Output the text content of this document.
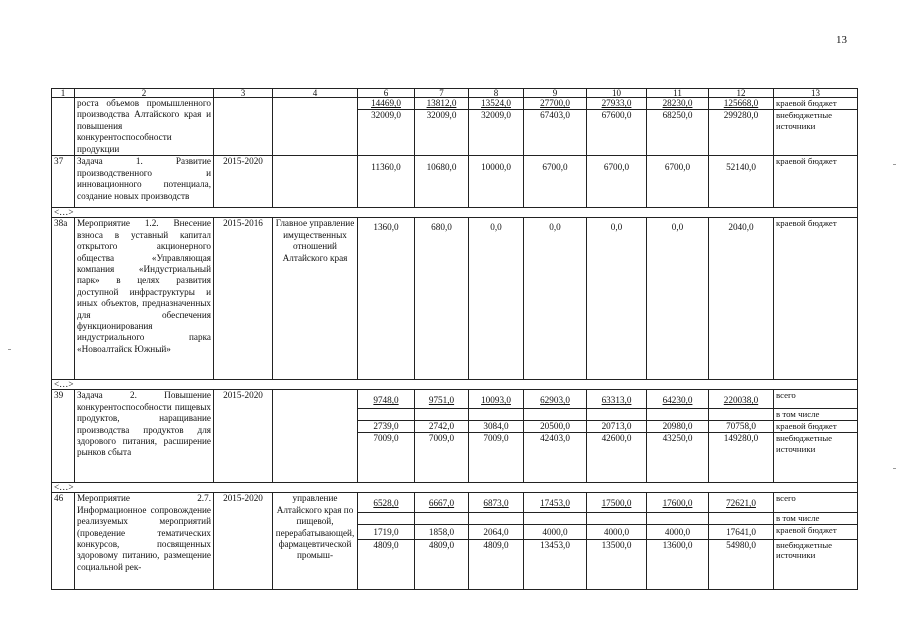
13
1	2	3	4	6	7	8	9	10	11	12	13
	роста объемов промышленного производства Алтайского края и повышения конкурентоспособности продукции			14469,0	13812,0	13524,0	27700,0	27933,0	28230,0	125668,0	краевой бюджет
				32009,0	32009,0	32009,0	67403,0	67600,0	68250,0	299280,0	внебюджетные источники
37	Задача 1. Развитие производственного и инновационного потенциала, создание новых производств	2015-2020		11360,0	10680,0	10000,0	6700,0	6700,0	6700,0	52140,0	краевой бюджет
<…>											
38а	Мероприятие 1.2. Внесение взноса в уставный капитал открытого акционерного общества «Управляющая компания «Индустриальный парк» в целях развития доступной инфраструктуры и иных объектов, предназначенных для обеспечения функционирования индустриального парка «Новоалтайск Южный»	2015-2016	Главное управление имущественных отношений Алтайского края	1360,0	680,0	0,0	0,0	0,0	0,0	2040,0	краевой бюджет
<…>											
39	Задача 2. Повышение конкурентоспособности пищевых продуктов, наращивание производства продуктов для здорового питания, расширение рынков сбыта	2015-2020		9748,0	9751,0	10093,0	62903,0	63313,0	64230,0	220038,0	всего
											в том числе
				2739,0	2742,0	3084,0	20500,0	20713,0	20980,0	70758,0	краевой бюджет
				7009,0	7009,0	7009,0	42403,0	42600,0	43250,0	149280,0	внебюджетные источники
<…>											
46	Мероприятие 2.7. Информационное сопровождение реализуемых мероприятий (проведение тематических конкурсов, посвященных здоровому питанию, размещение социальной рек-	2015-2020	управление Алтайского края по пищевой, перерабатывающей, фармацевтической промыш-	6528,0	6667,0	6873,0	17453,0	17500,0	17600,0	72621,0	всего
											в том числе
				1719,0	1858,0	2064,0	4000,0	4000,0	4000,0	17641,0	краевой бюджет
				4809,0	4809,0	4809,0	13453,0	13500,0	13600,0	54980,0	внебюджетные источники
